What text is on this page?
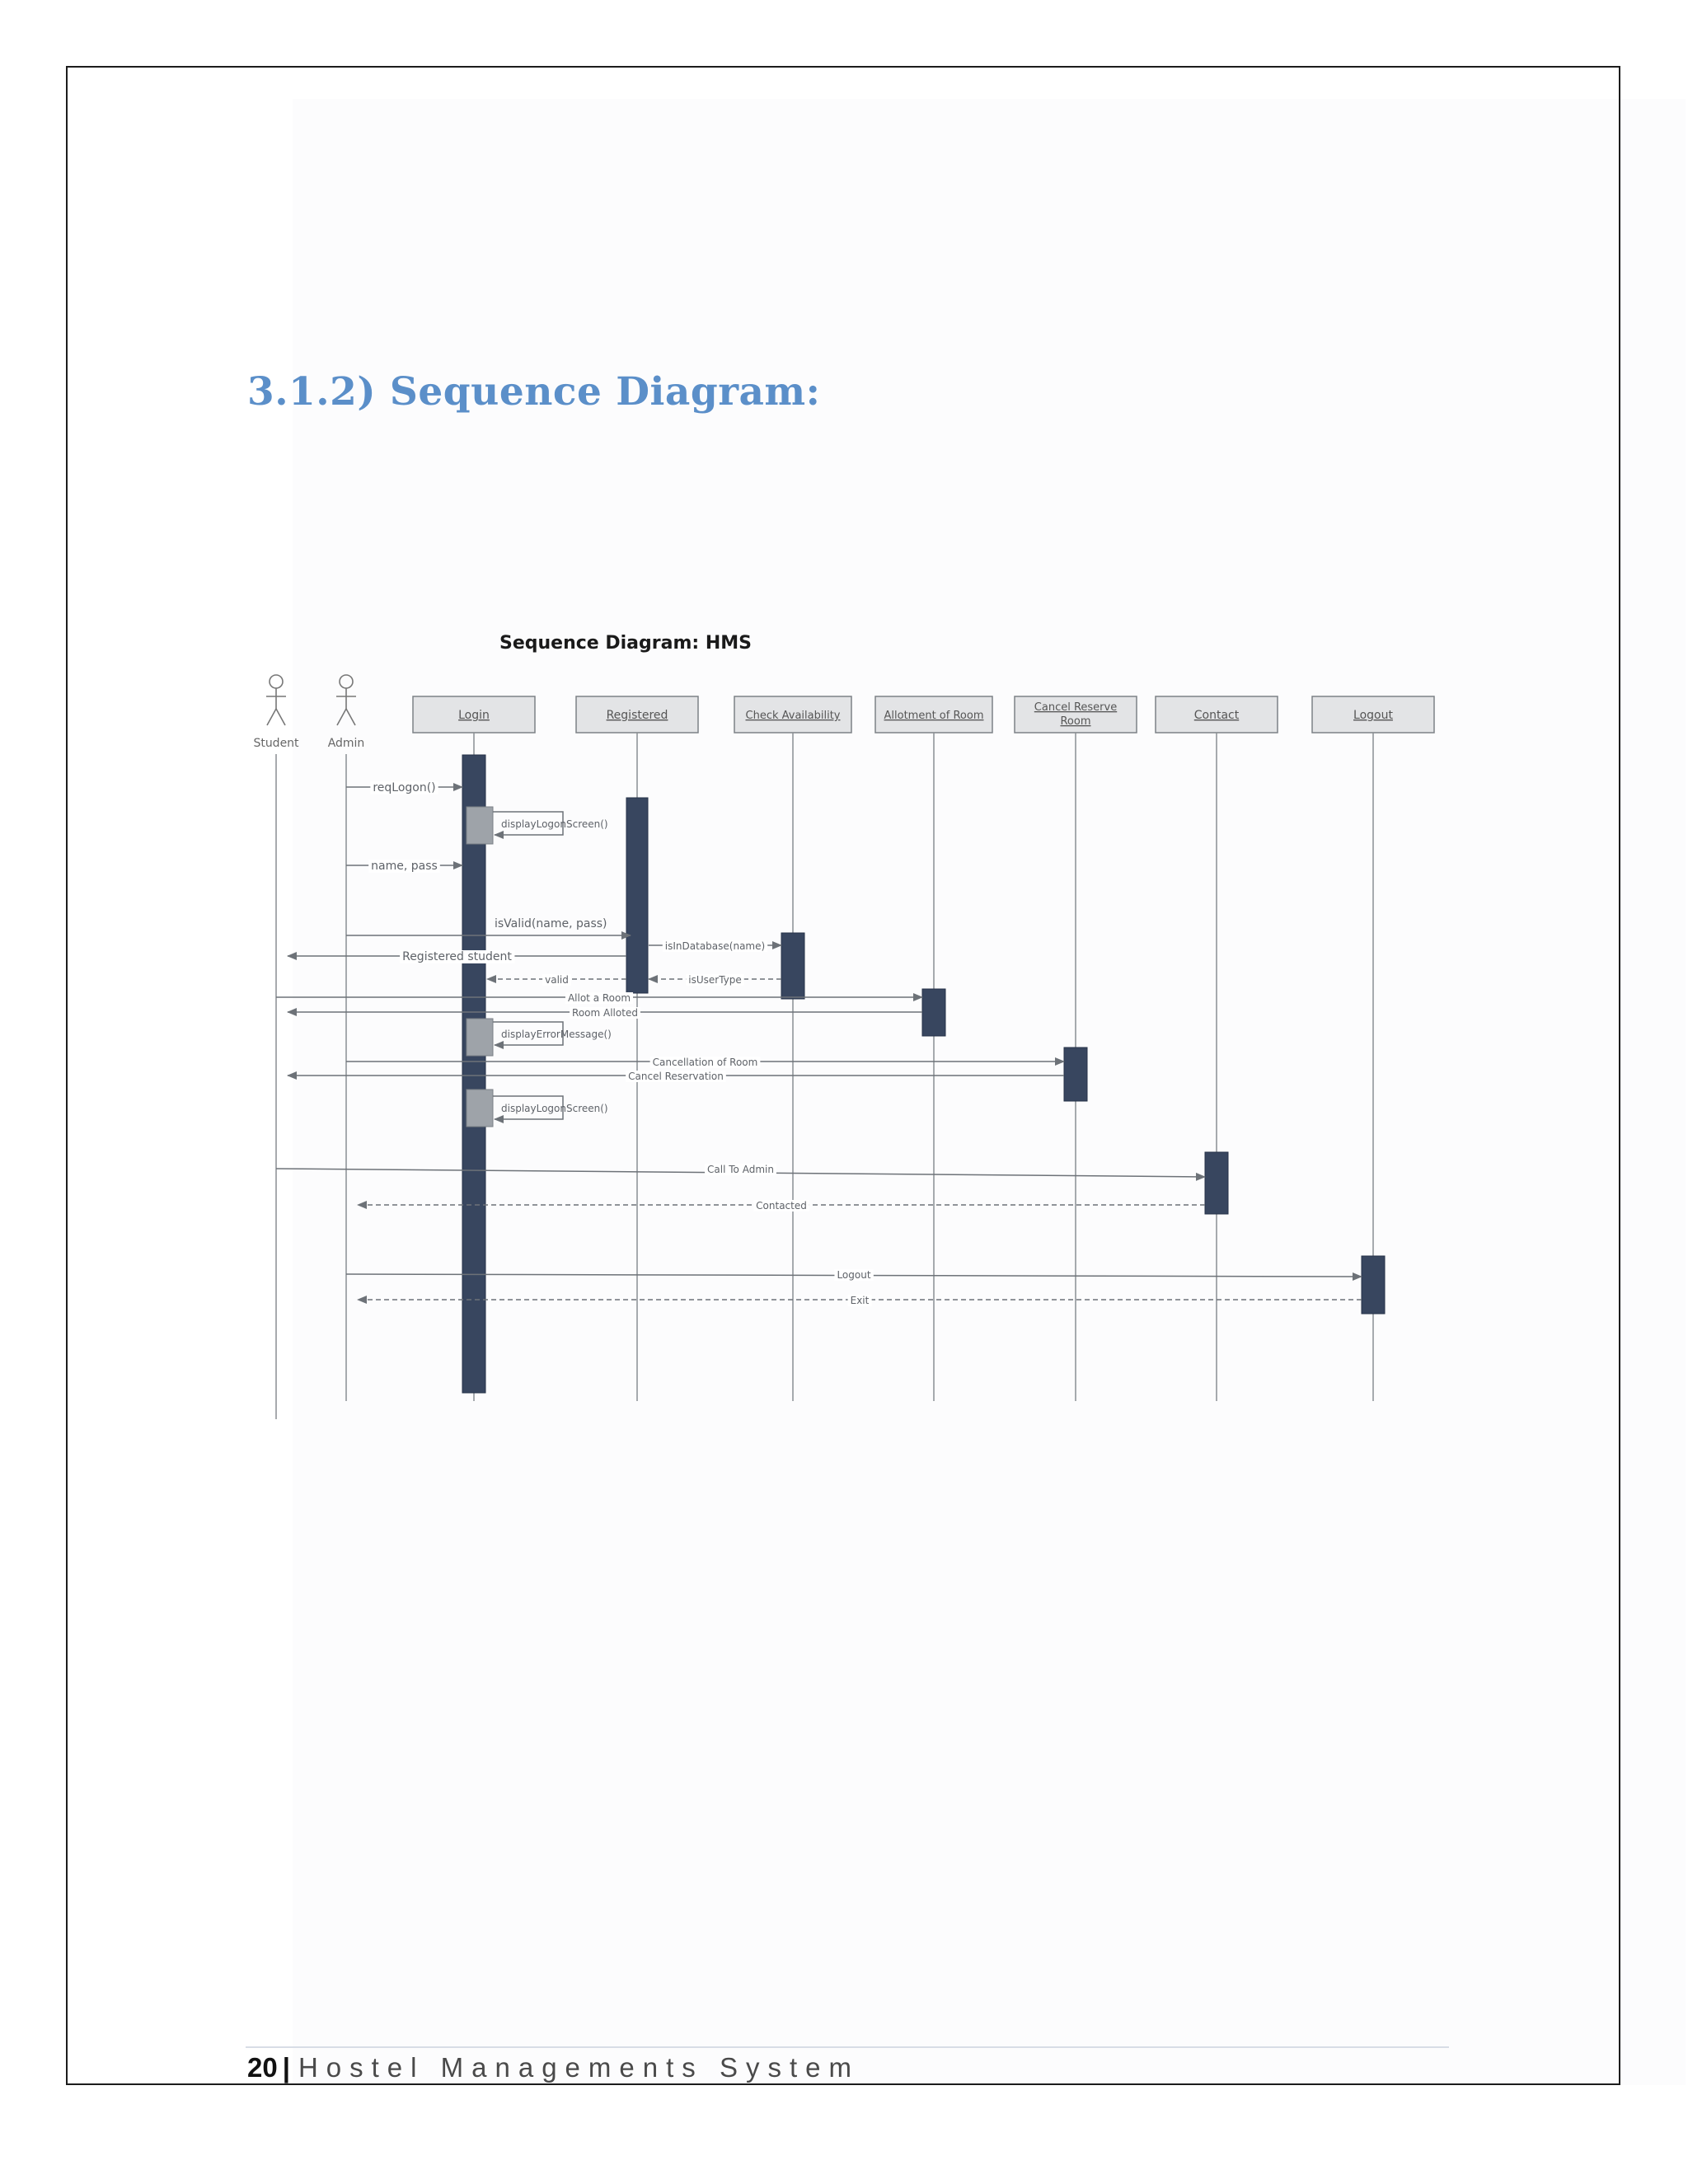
3.1.2) Sequence Diagram:
Sequence Diagram: HMS
Student	Admin
Login	Registered	Check Availability	Allotment of Room
Cancel Reserve
Room	Contact	Logout
reqLogon()
displayLogonScreen()
name, pass
isValid(name, pass)
isInDatabase(name)
Registered student
isUserType
valid
Allot a Room
Room Alloted
displayErrorMessage()
Cancellation of Room
Cancel Reservation
displayLogonScreen()
Call To Admin
Contacted
Logout
Exit
20 | Hostel Managements System
